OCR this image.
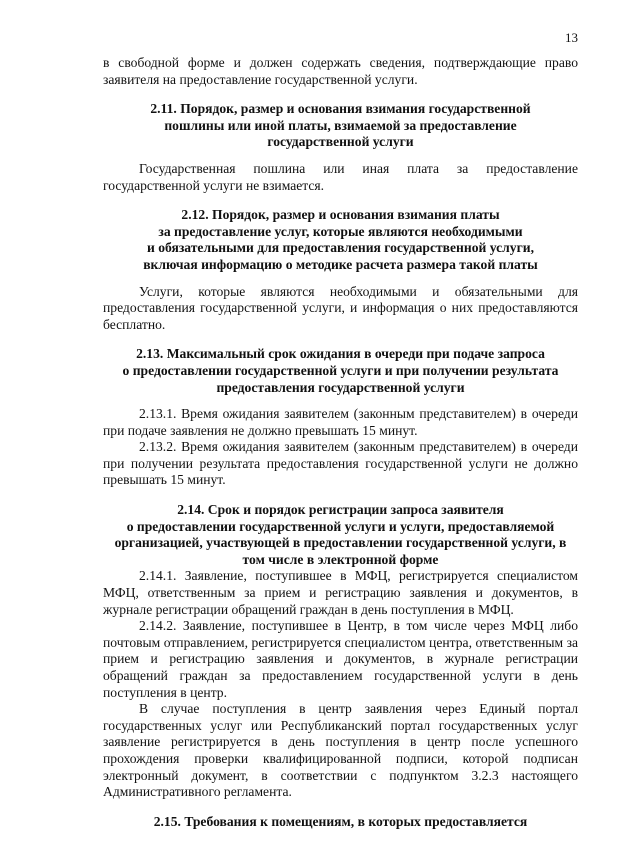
13

в свободной форме и должен содержать сведения, подтверждающие право заявителя на предоставление государственной услуги.

2.11. Порядок, размер и основания взимания государственной
пошлины или иной платы, взимаемой за предоставление
государственной услуги

Государственная пошлина или иная плата за предоставление государственной услуги не взимается.

2.12. Порядок, размер и основания взимания платы
за предоставление услуг, которые являются необходимыми
и обязательными для предоставления государственной услуги,
включая информацию о методике расчета размера такой платы

Услуги, которые являются необходимыми и обязательными для предоставления государственной услуги, и информация о них предоставляются бесплатно.

2.13. Максимальный срок ожидания в очереди при подаче запроса
о предоставлении государственной услуги и при получении результата
предоставления государственной услуги

2.13.1. Время ожидания заявителем (законным представителем) в очереди при подаче заявления не должно превышать 15 минут.

2.13.2. Время ожидания заявителем (законным представителем) в очереди при получении результата предоставления государственной услуги не должно превышать 15 минут.

2.14. Срок и порядок регистрации запроса заявителя
о предоставлении государственной услуги и услуги, предоставляемой
организацией, участвующей в предоставлении государственной услуги, в
том числе в электронной форме

2.14.1. Заявление, поступившее в МФЦ, регистрируется специалистом МФЦ, ответственным за прием и регистрацию заявления и документов, в журнале регистрации обращений граждан в день поступления в МФЦ.

2.14.2. Заявление, поступившее в Центр, в том числе через МФЦ либо почтовым отправлением, регистрируется специалистом центра, ответственным за прием и регистрацию заявления и документов, в журнале регистрации обращений граждан за предоставлением государственной услуги в день поступления в центр.

В случае поступления в центр заявления через Единый портал государственных услуг или Республиканский портал государственных услуг заявление регистрируется в день поступления в центр после успешного прохождения проверки квалифицированной подписи, которой подписан электронный документ, в соответствии с подпунктом 3.2.3 настоящего Административного регламента.

2.15. Требования к помещениям, в которых предоставляется
